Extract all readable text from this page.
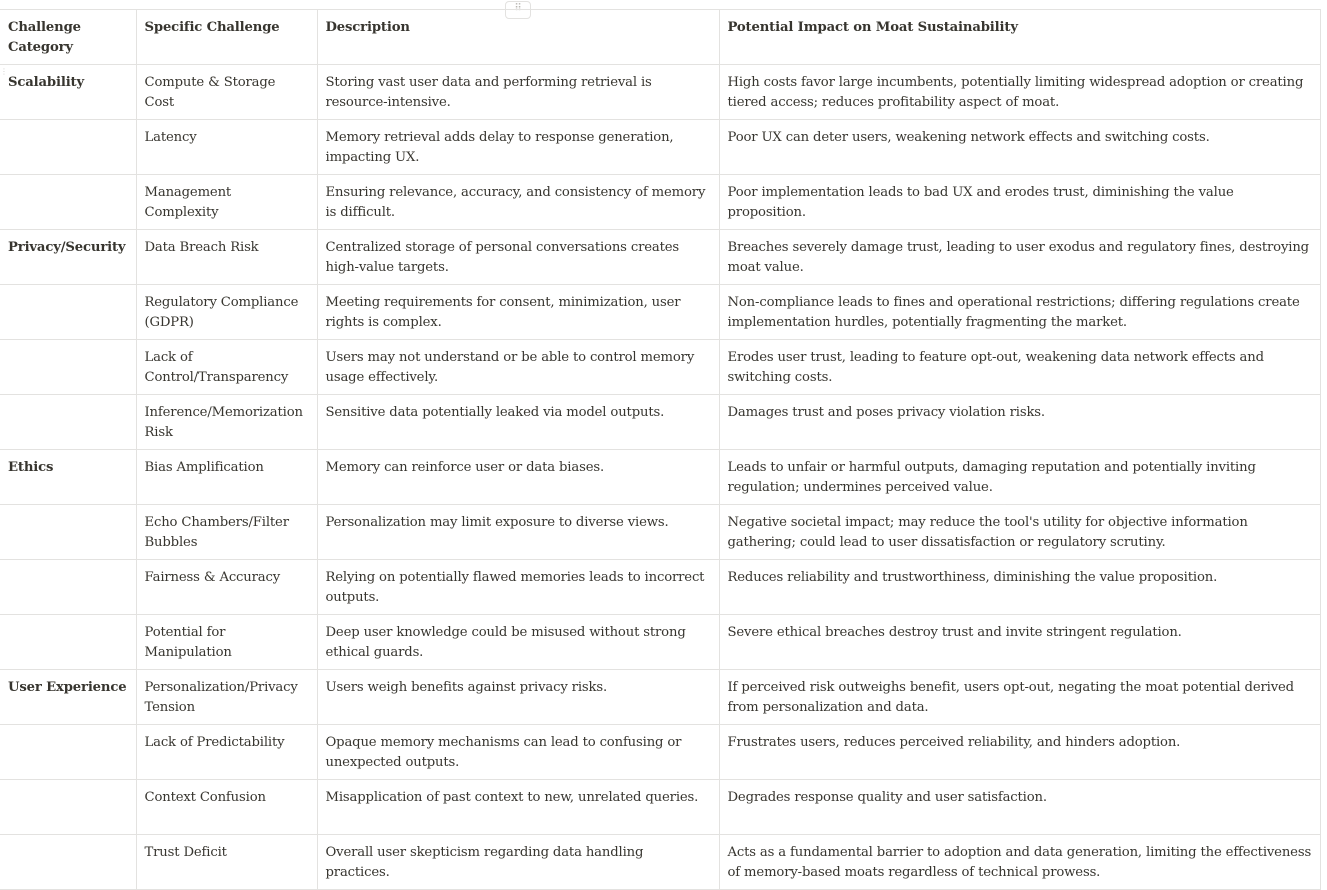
⠿
⋮
Challenge Category	Specific Challenge	Description	Potential Impact on Moat Sustainability
Scalability	Compute & Storage Cost	Storing vast user data and performing retrieval is resource-intensive.	High costs favor large incumbents, potentially limiting widespread adoption or creating tiered access; reduces profitability aspect of moat.
	Latency	Memory retrieval adds delay to response generation, impacting UX.	Poor UX can deter users, weakening network effects and switching costs.
	Management Complexity	Ensuring relevance, accuracy, and consistency of memory is difficult.	Poor implementation leads to bad UX and erodes trust, diminishing the value proposition.
Privacy/Security	Data Breach Risk	Centralized storage of personal conversations creates high-value targets.	Breaches severely damage trust, leading to user exodus and regulatory fines, destroying moat value.
	Regulatory Compliance (GDPR)	Meeting requirements for consent, minimization, user rights is complex.	Non-compliance leads to fines and operational restrictions; differing regulations create implementation hurdles, potentially fragmenting the market.
	Lack of Control/Transparency	Users may not understand or be able to control memory usage effectively.	Erodes user trust, leading to feature opt-out, weakening data network effects and switching costs.
	Inference/Memorization Risk	Sensitive data potentially leaked via model outputs.	Damages trust and poses privacy violation risks.
Ethics	Bias Amplification	Memory can reinforce user or data biases.	Leads to unfair or harmful outputs, damaging reputation and potentially inviting regulation; undermines perceived value.
	Echo Chambers/Filter Bubbles	Personalization may limit exposure to diverse views.	Negative societal impact; may reduce the tool's utility for objective information gathering; could lead to user dissatisfaction or regulatory scrutiny.
	Fairness & Accuracy	Relying on potentially flawed memories leads to incorrect outputs.	Reduces reliability and trustworthiness, diminishing the value proposition.
	Potential for Manipulation	Deep user knowledge could be misused without strong ethical guards.	Severe ethical breaches destroy trust and invite stringent regulation.
User Experience	Personalization/Privacy Tension	Users weigh benefits against privacy risks.	If perceived risk outweighs benefit, users opt-out, negating the moat potential derived from personalization and data.
	Lack of Predictability	Opaque memory mechanisms can lead to confusing or unexpected outputs.	Frustrates users, reduces perceived reliability, and hinders adoption.
	Context Confusion	Misapplication of past context to new, unrelated queries.	Degrades response quality and user satisfaction.
	Trust Deficit	Overall user skepticism regarding data handling practices.	Acts as a fundamental barrier to adoption and data generation, limiting the effectiveness of memory-based moats regardless of technical prowess.
